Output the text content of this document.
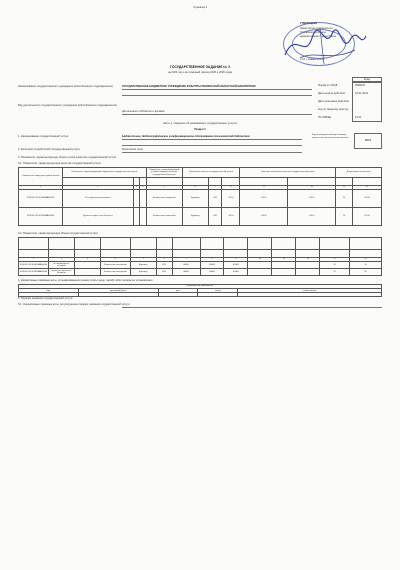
Страница 1
УТВЕРЖДАЮ
Заместитель руководителя
Управления культуры
администрации города Пензы
« 10 » января 2024 г.
ГОСУДАРСТВЕННОЕ ЗАДАНИЕ № 2
на 2024 год и на плановый период 2025 и 2026 годов
Коды
Форма по ОКУД	0506001
Дата начала действия	01.01.2024
Дата окончания действия
Код по сводному реестру
По ОКВЭД	91.01
Наименование государственного учреждения (обособленного подразделения)	ГОСУДАРСТВЕННОЕ БЮДЖЕТНОЕ УЧРЕЖДЕНИЕ КУЛЬТУРЫ ПЕНЗЕНСКОЙ ОБЛАСТНОЙ БИБЛИОТЕКИ
Вид деятельности государственного учреждения (обособленного подразделения)
Деятельность библиотек и архивов
Часть 1. Сведения об оказываемых государственных услугах
Раздел 1
1. Наименование государственной услуги	Библиотечное, библиографическое и информационное обслуживание пользователей библиотеки
2. Категории потребителей государственной услуги	Физические лица
3. Показатели, характеризующие объем и (или) качество государственной услуги
Код по общероссийскому базовому перечню или региональному перечню
ББ83
3.1. Показатели, характеризующие качество государственной услуги
Уникальный номер реестровой записи	Показатель, характеризующий содержание государственной услуги			Показатель, характеризующий условия (формы) оказания государственной услуги	Показатель качества государственной услуги			Значение показателя качества государственной услуги		Допустимые отклонения	

1	2	3	4	5	6	7	8	9	10	11	12
910100О.99.0.ББ83АА00000	В стационарных условиях			Количество посещений	Единица	642	100,0	100,0	100,0	10	10,00
910100О.99.0.ББ83АА01000	Удаленно через сеть Интернет			Количество посещений	Единица	642	100,0	100,0	100,0	10	10,00
3.2. Показатели, характеризующие объем государственной услуги

1	2	3	4	5	6	7	8	9	10	11	12	13	14
910100О.99.0.ББ83АА00000	В стационарных условиях		Количество посещений	Единица	642	00000	00000	00000				10	10
910100О.99.0.ББ83АА01000	Удаленно через сеть Интернет		Количество посещений	Единица	642	00000	00000	00000				10	10
4. Нормативные правовые акты, устанавливающие размер платы (цену, тариф) либо порядок ее установления
Нормативный правовой акт				
вид	принявший орган	дата	номер	наименование

5. Порядок оказания государственной услуги
5.1. Нормативные правовые акты, регулирующие порядок оказания государственной услуги
